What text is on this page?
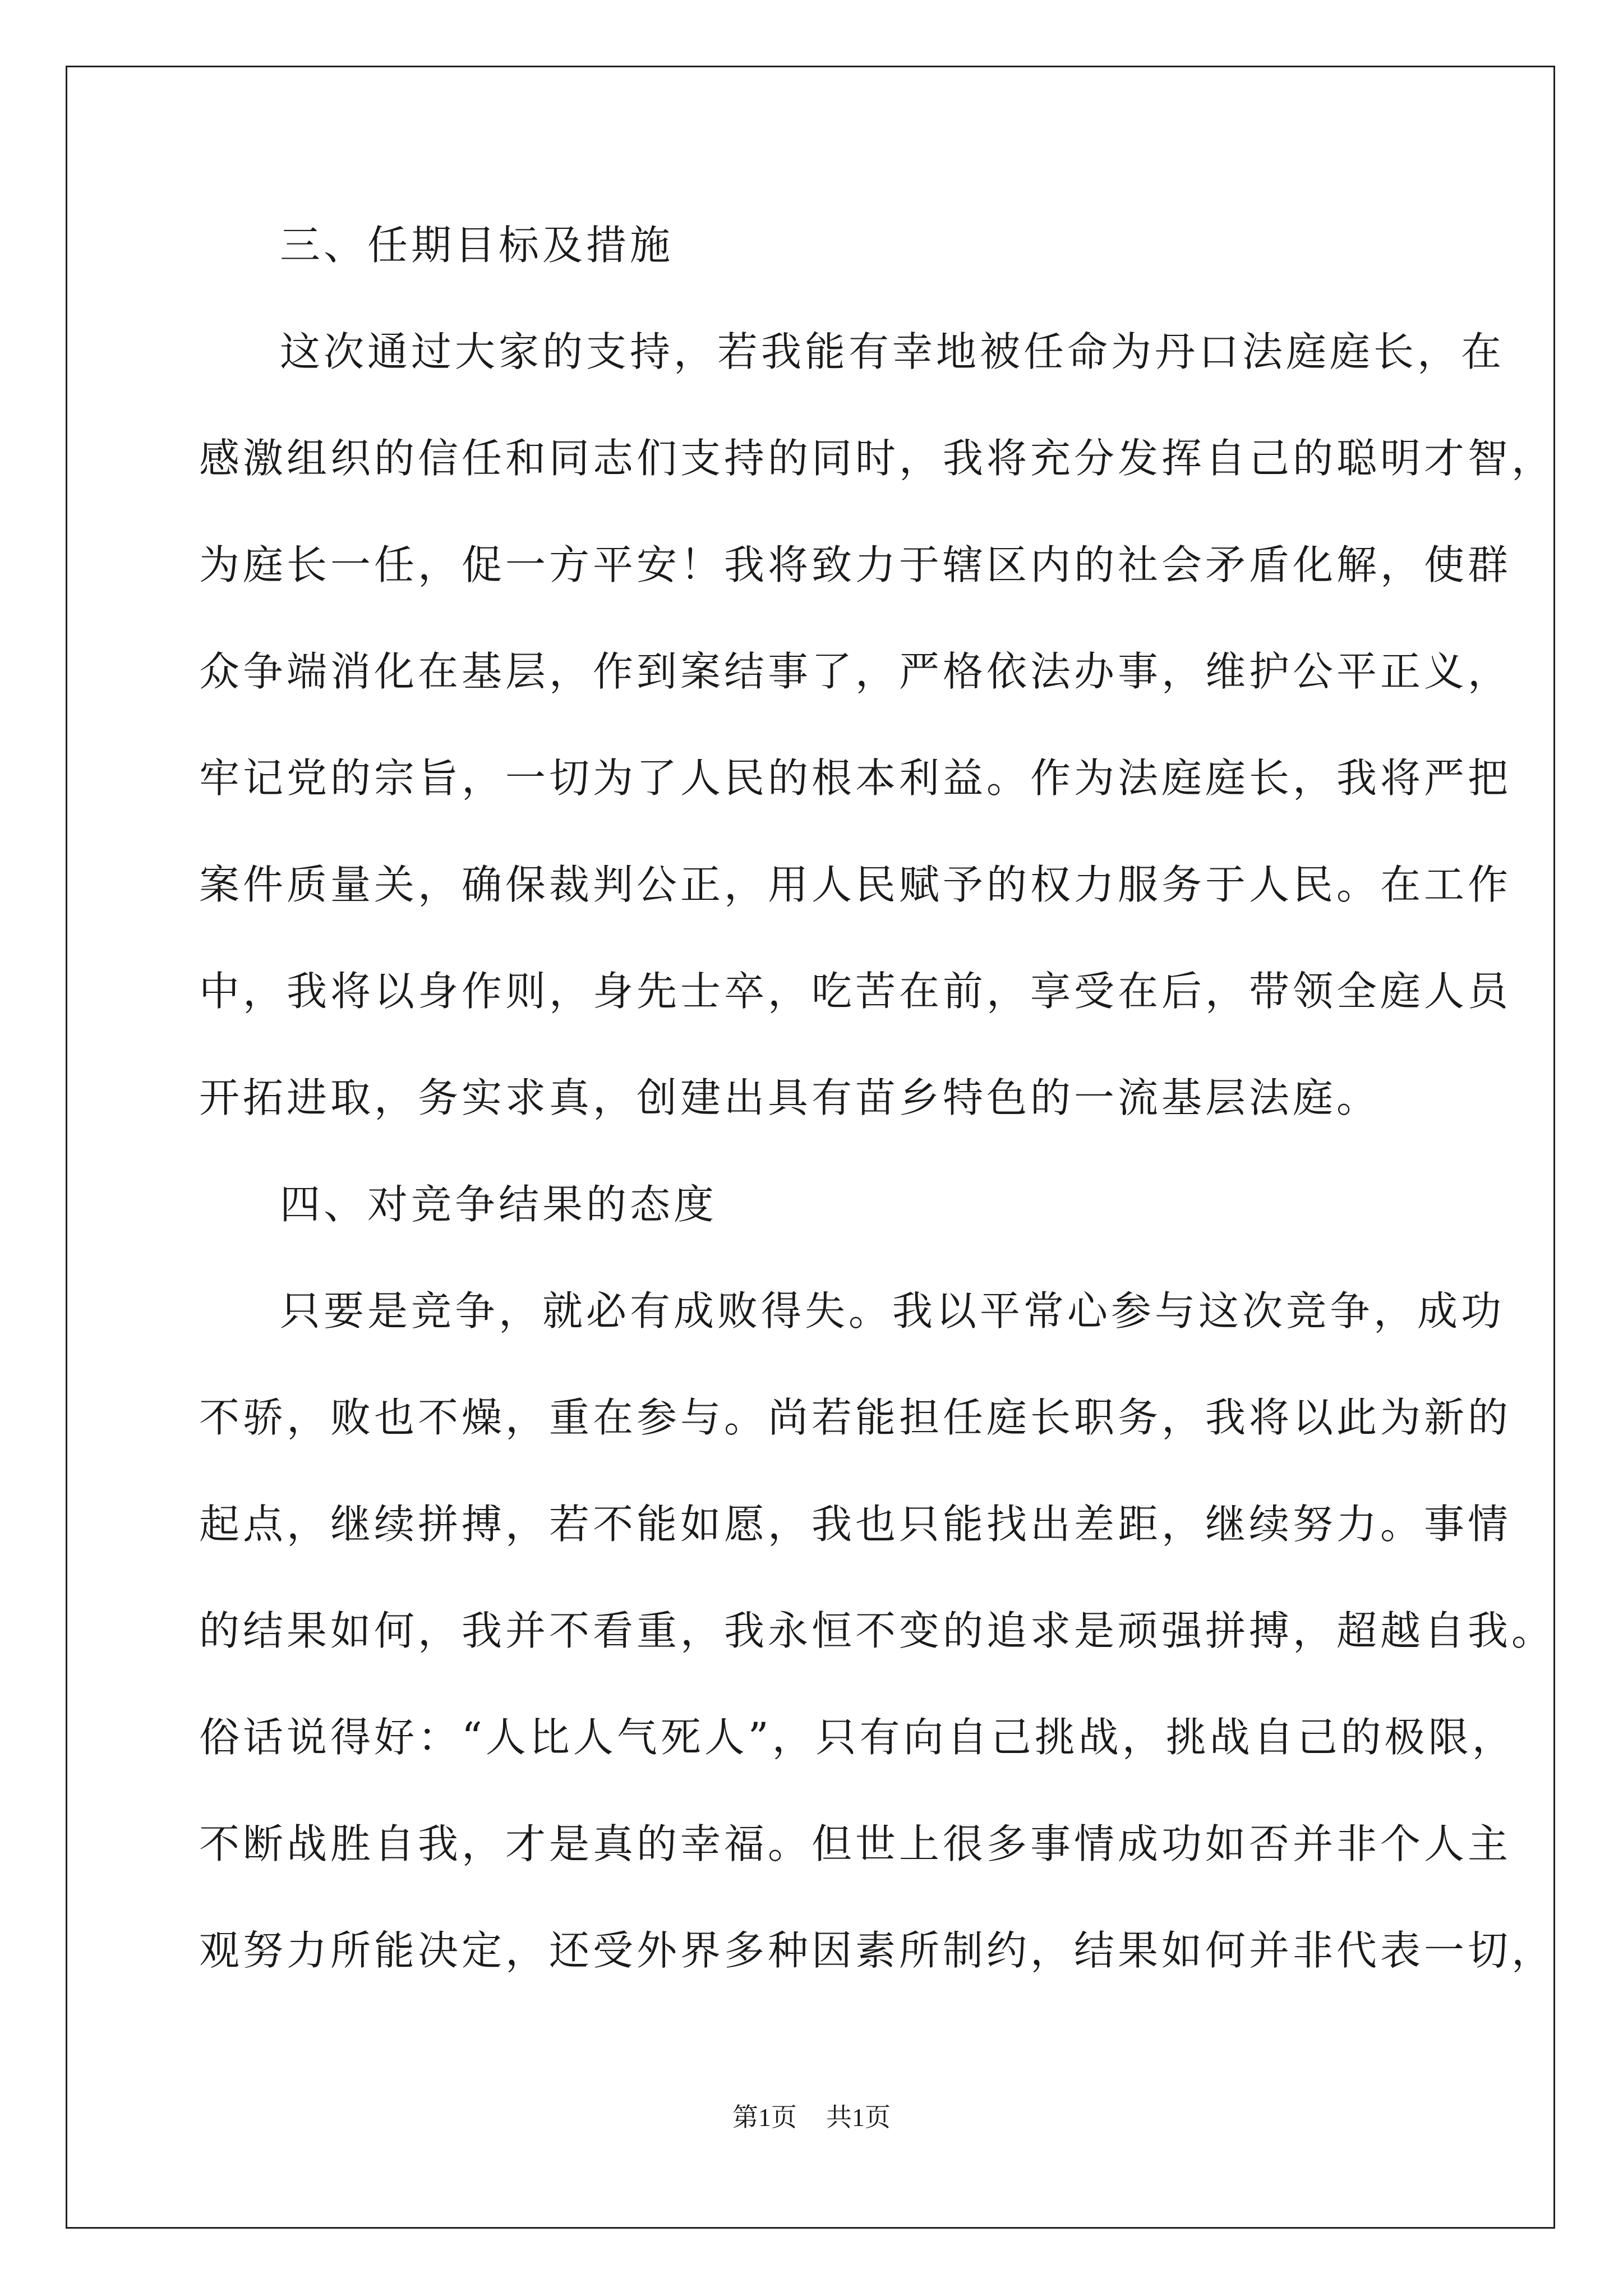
三、任期目标及措施
这次通过大家的支持，若我能有幸地被任命为丹口法庭庭长，在
感激组织的信任和同志们支持的同时，我将充分发挥自己的聪明才智，
为庭长一任，促一方平安！我将致力于辖区内的社会矛盾化解，使群
众争端消化在基层，作到案结事了，严格依法办事，维护公平正义，
牢记党的宗旨，一切为了人民的根本利益。作为法庭庭长，我将严把
案件质量关，确保裁判公正，用人民赋予的权力服务于人民。在工作
中，我将以身作则，身先士卒，吃苦在前，享受在后，带领全庭人员
开拓进取，务实求真，创建出具有苗乡特色的一流基层法庭。
四、对竞争结果的态度
只要是竞争，就必有成败得失。我以平常心参与这次竞争，成功
不骄，败也不燥，重在参与。尚若能担任庭长职务，我将以此为新的
起点，继续拼搏，若不能如愿，我也只能找出差距，继续努力。事情
的结果如何，我并不看重，我永恒不变的追求是顽强拼搏，超越自我。
俗话说得好：“人比人气死人”，只有向自己挑战，挑战自己的极限，
不断战胜自我，才是真的幸福。但世上很多事情成功如否并非个人主
观努力所能决定，还受外界多种因素所制约，结果如何并非代表一切，
第1页 共1页
